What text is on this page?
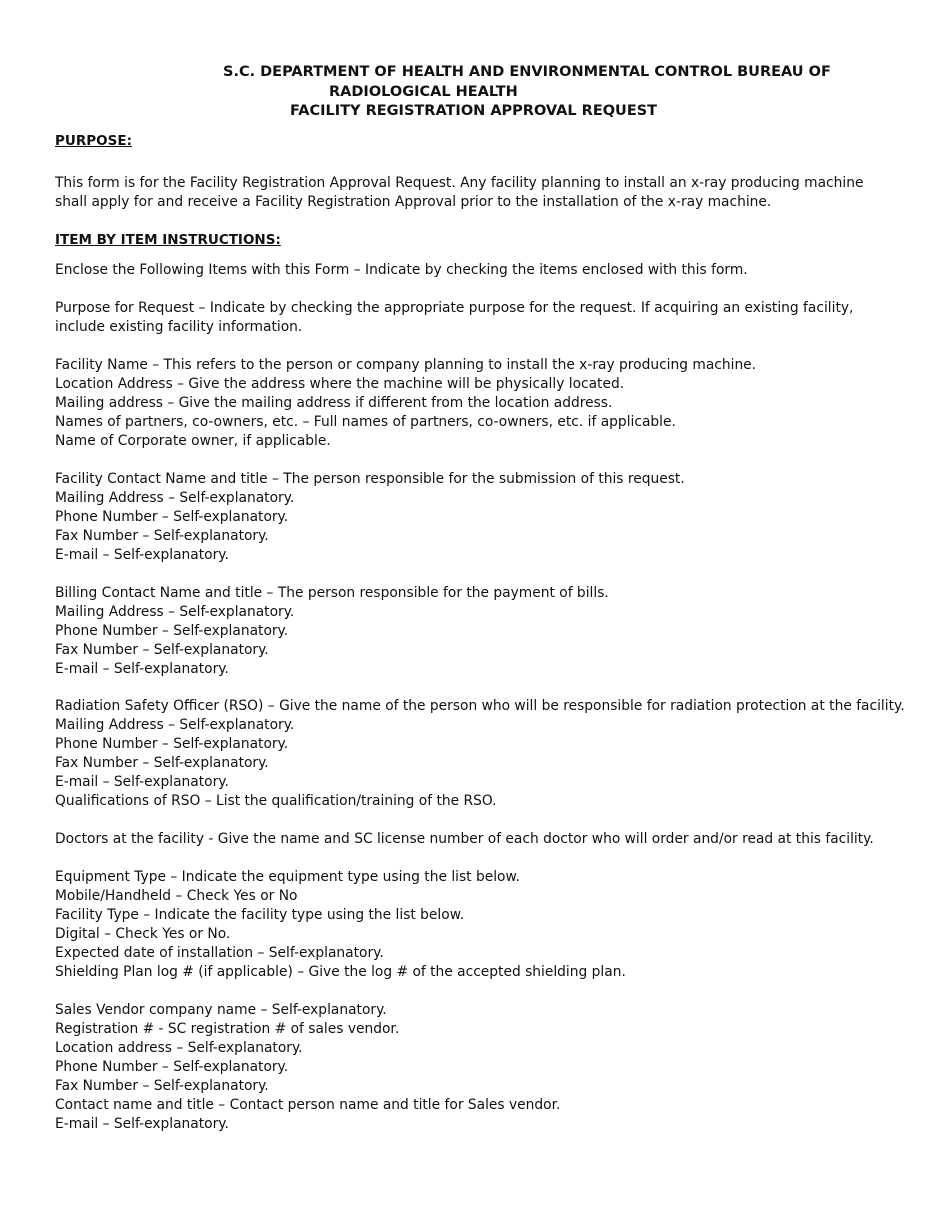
S.C. DEPARTMENT OF HEALTH AND ENVIRONMENTAL CONTROL BUREAU OF
RADIOLOGICAL HEALTH
FACILITY REGISTRATION APPROVAL REQUEST
PURPOSE:
This form is for the Facility Registration Approval Request. Any facility planning to install an x-ray producing machine shall apply for and receive a Facility Registration Approval prior to the installation of the x-ray machine.
ITEM BY ITEM INSTRUCTIONS:
Enclose the Following Items with this Form – Indicate by checking the items enclosed with this form.
Purpose for Request – Indicate by checking the appropriate purpose for the request. If acquiring an existing facility, include existing facility information.
Facility Name – This refers to the person or company planning to install the x-ray producing machine.
Location Address – Give the address where the machine will be physically located.
Mailing address – Give the mailing address if different from the location address.
Names of partners, co-owners, etc. – Full names of partners, co-owners, etc. if applicable.
Name of Corporate owner, if applicable.
Facility Contact Name and title – The person responsible for the submission of this request.
Mailing Address – Self-explanatory.
Phone Number – Self-explanatory.
Fax Number – Self-explanatory.
E-mail – Self-explanatory.
Billing Contact Name and title – The person responsible for the payment of bills.
Mailing Address – Self-explanatory.
Phone Number – Self-explanatory.
Fax Number – Self-explanatory.
E-mail – Self-explanatory.
Radiation Safety Officer (RSO) – Give the name of the person who will be responsible for radiation protection at the facility.
Mailing Address – Self-explanatory.
Phone Number – Self-explanatory.
Fax Number – Self-explanatory.
E-mail – Self-explanatory.
Qualifications of RSO – List the qualification/training of the RSO.
Doctors at the facility - Give the name and SC license number of each doctor who will order and/or read at this facility.
Equipment Type – Indicate the equipment type using the list below.
Mobile/Handheld – Check Yes or No
Facility Type – Indicate the facility type using the list below.
Digital – Check Yes or No.
Expected date of installation – Self-explanatory.
Shielding Plan log # (if applicable) – Give the log # of the accepted shielding plan.
Sales Vendor company name – Self-explanatory.
Registration # - SC registration # of sales vendor.
Location address – Self-explanatory.
Phone Number – Self-explanatory.
Fax Number – Self-explanatory.
Contact name and title – Contact person name and title for Sales vendor.
E-mail – Self-explanatory.
